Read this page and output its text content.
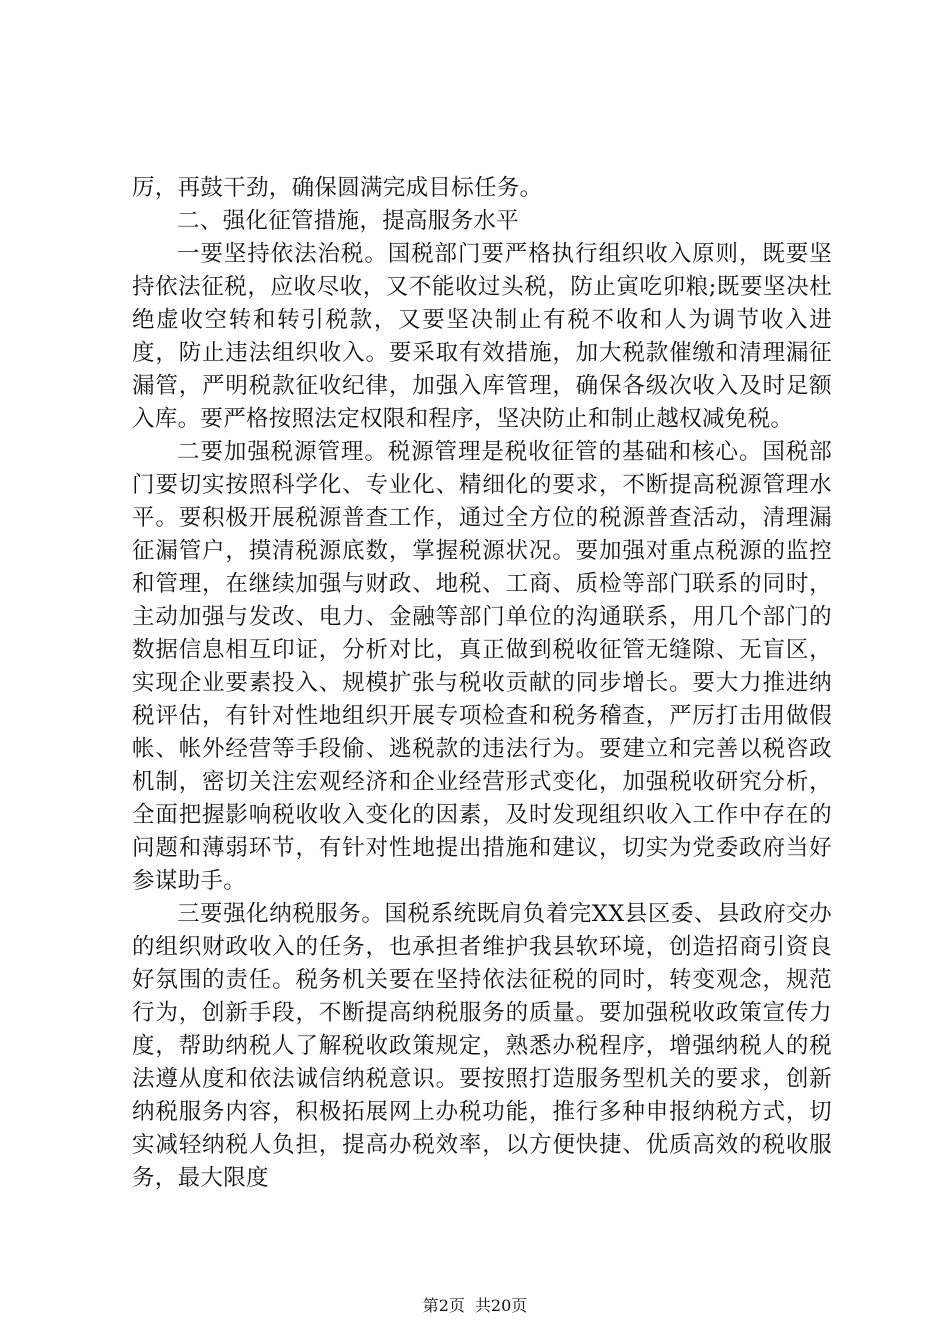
厉，再鼓干劲，确保圆满完成目标任务。

二、强化征管措施，提高服务水平

一要坚持依法治税。国税部门要严格执行组织收入原则，既要坚持依法征税，应收尽收，又不能收过头税，防止寅吃卯粮;既要坚决杜绝虚收空转和转引税款，又要坚决制止有税不收和人为调节收入进度，防止违法组织收入。要采取有效措施，加大税款催缴和清理漏征漏管，严明税款征收纪律，加强入库管理，确保各级次收入及时足额入库。要严格按照法定权限和程序，坚决防止和制止越权减免税。

二要加强税源管理。税源管理是税收征管的基础和核心。国税部门要切实按照科学化、专业化、精细化的要求，不断提高税源管理水平。要积极开展税源普查工作，通过全方位的税源普查活动，清理漏征漏管户，摸清税源底数，掌握税源状况。要加强对重点税源的监控和管理，在继续加强与财政、地税、工商、质检等部门联系的同时，主动加强与发改、电力、金融等部门单位的沟通联系，用几个部门的数据信息相互印证，分析对比，真正做到税收征管无缝隙、无盲区，实现企业要素投入、规模扩张与税收贡献的同步增长。要大力推进纳税评估，有针对性地组织开展专项检查和税务稽查，严厉打击用做假帐、帐外经营等手段偷、逃税款的违法行为。要建立和完善以税咨政机制，密切关注宏观经济和企业经营形式变化，加强税收研究分析，全面把握影响税收收入变化的因素，及时发现组织收入工作中存在的问题和薄弱环节，有针对性地提出措施和建议，切实为党委政府当好参谋助手。

三要强化纳税服务。国税系统既肩负着完XX县区委、县政府交办的组织财政收入的任务，也承担者维护我县软环境，创造招商引资良好氛围的责任。税务机关要在坚持依法征税的同时，转变观念，规范行为，创新手段，不断提高纳税服务的质量。要加强税收政策宣传力度，帮助纳税人了解税收政策规定，熟悉办税程序，增强纳税人的税法遵从度和依法诚信纳税意识。要按照打造服务型机关的要求，创新纳税服务内容，积极拓展网上办税功能，推行多种申报纳税方式，切实减轻纳税人负担，提高办税效率，以方便快捷、优质高效的税收服务，最大限度

第2页 共20页
